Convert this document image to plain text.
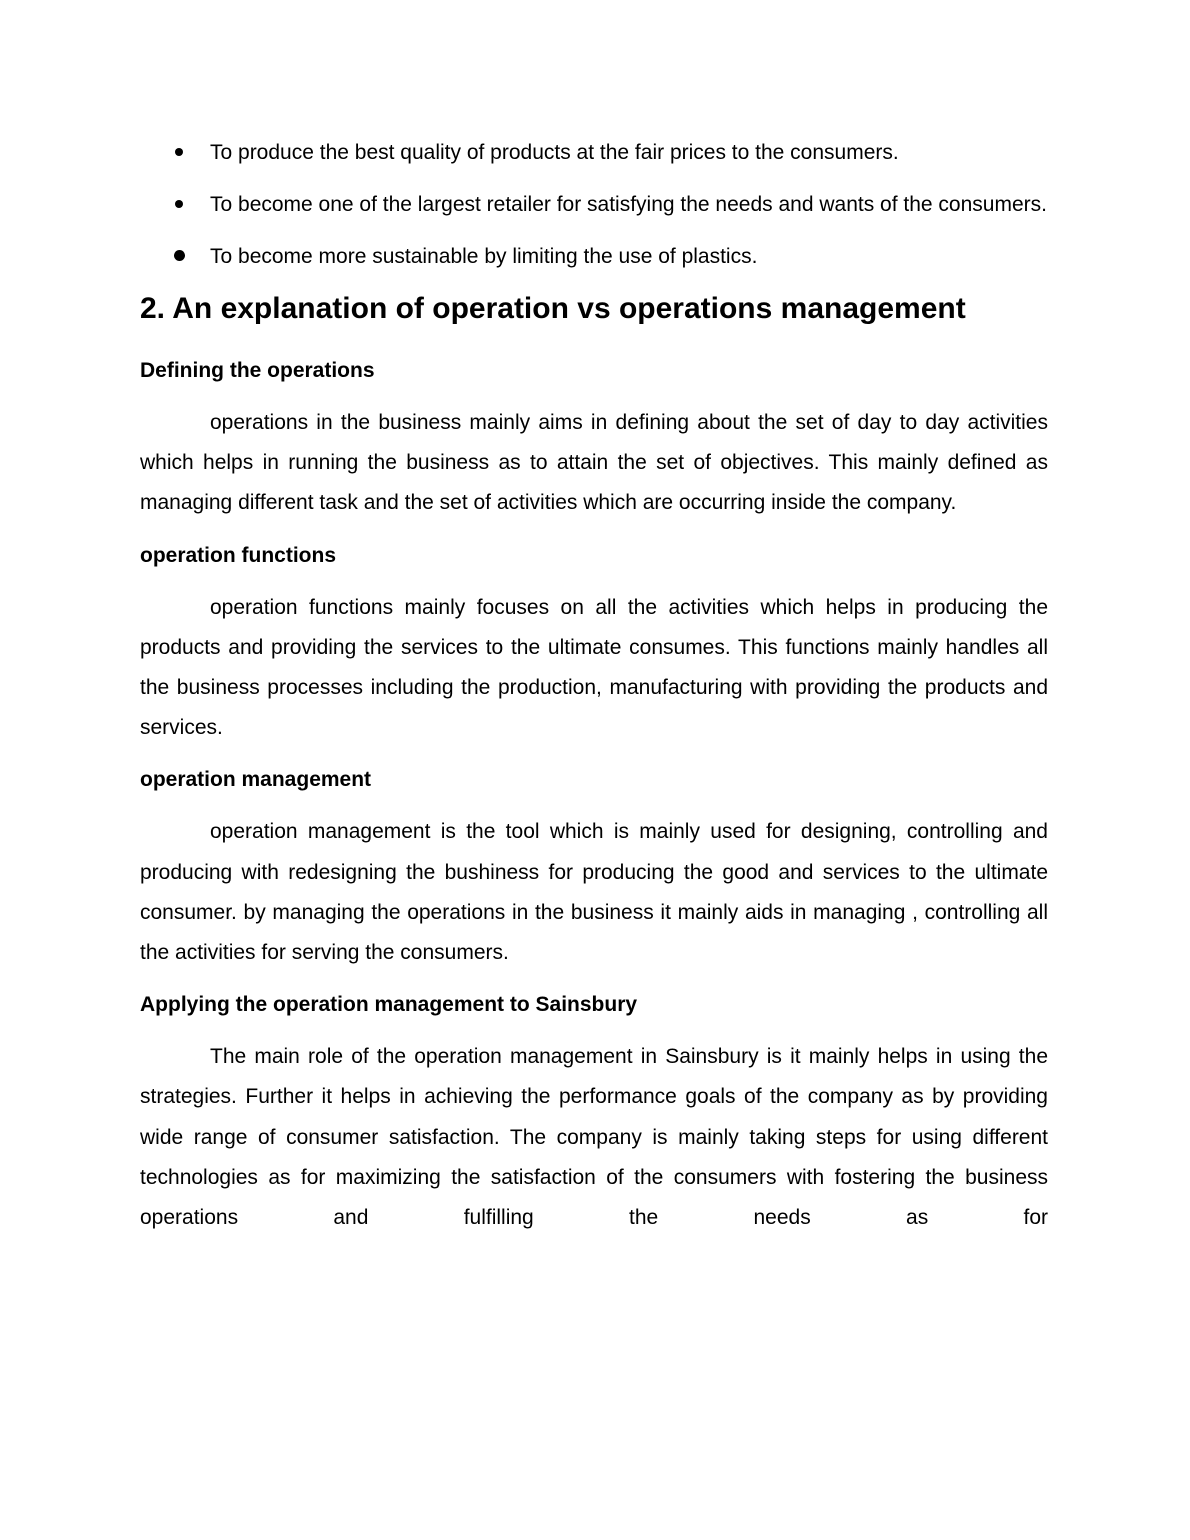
To produce the best quality of products at the fair prices to the consumers.
To become one of the largest retailer for satisfying the needs and wants of the consumers.
To become more sustainable by limiting the use of plastics.
2. An explanation of operation vs operations management
Defining the operations

operations in the business mainly aims in defining about the set of day to day activities which helps in running the business as to attain the set of objectives. This mainly defined as managing different task and the set of activities which are occurring inside the company.

operation functions

operation functions mainly focuses on all the activities which helps in producing the products and providing the services to the ultimate consumes. This functions mainly handles all the business processes including the production, manufacturing with providing the products and services.

operation management

operation management is the tool which is mainly used for designing, controlling and producing with redesigning the bushiness for producing the good and services to the ultimate consumer. by managing the operations in the business it mainly aids in managing , controlling all the activities for serving the consumers.

Applying the operation management to Sainsbury

The main role of the operation management in Sainsbury is it mainly helps in using the strategies. Further it helps in achieving the performance goals of the company as by providing wide range of consumer satisfaction. The company is mainly taking steps for using different technologies as for maximizing the satisfaction of the consumers with fostering the business operations and fulfilling the needs as for
